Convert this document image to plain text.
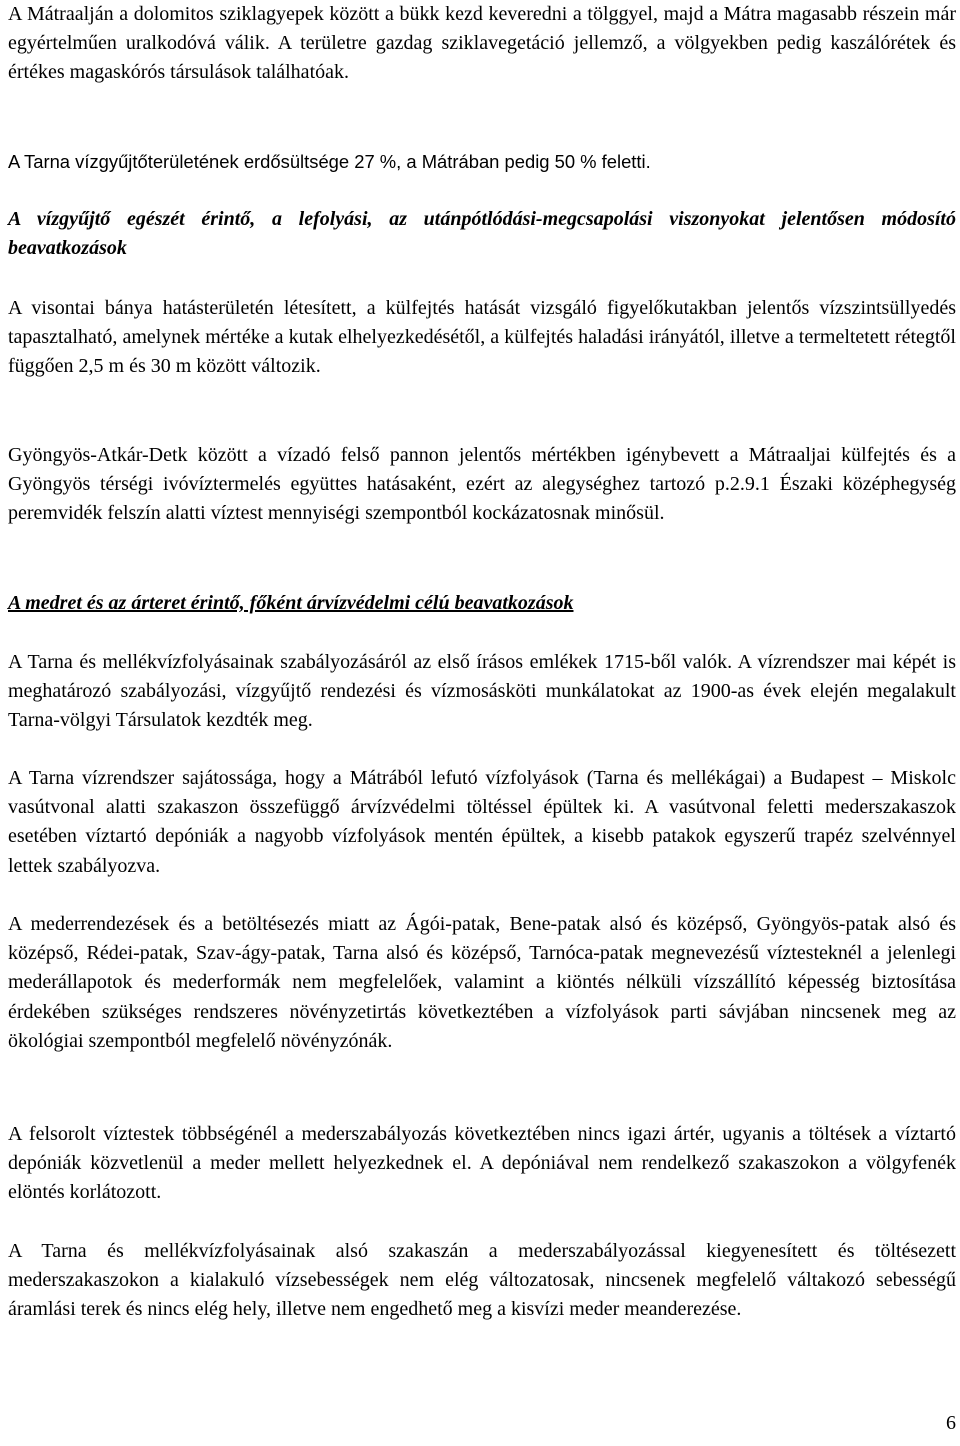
A Mátraalján a dolomitos sziklagyepek között a bükk kezd keveredni a tölggyel, majd a Mátra magasabb részein már egyértelműen uralkodóvá válik. A területre gazdag sziklavegetáció jellemző, a völgyekben pedig kaszálórétek és értékes magaskórós társulások találhatóak.

A Tarna vízgyűjtőterületének erdősültsége 27 %, a Mátrában pedig 50 % feletti.

A vízgyűjtő egészét érintő, a lefolyási, az utánpótlódási-megcsapolási viszonyokat jelentősen módosító beavatkozások

A visontai bánya hatásterületén létesített, a külfejtés hatását vizsgáló figyelőkutakban jelentős vízszintsüllyedés tapasztalható, amelynek mértéke a kutak elhelyezkedésétől, a külfejtés haladási irányától, illetve a termeltetett rétegtől függően 2,5 m és 30 m között változik.

Gyöngyös-Atkár-Detk között a vízadó felső pannon jelentős mértékben igénybevett a Mátraaljai külfejtés és a Gyöngyös térségi ivóvíztermelés együttes hatásaként, ezért az alegységhez tartozó p.2.9.1 Északi középhegység peremvidék felszín alatti víztest mennyiségi szempontból kockázatosnak minősül.

A medret és az árteret érintő, főként árvízvédelmi célú beavatkozások

A Tarna és mellékvízfolyásainak szabályozásáról az első írásos emlékek 1715-ből valók. A vízrendszer mai képét is meghatározó szabályozási, vízgyűjtő rendezési és vízmosásköti munkálatokat az 1900-as évek elején megalakult Tarna-völgyi Társulatok kezdték meg.

A Tarna vízrendszer sajátossága, hogy a Mátrából lefutó vízfolyások (Tarna és mellékágai) a Budapest – Miskolc vasútvonal alatti szakaszon összefüggő árvízvédelmi töltéssel épültek ki. A vasútvonal feletti mederszakaszok esetében víztartó depóniák a nagyobb vízfolyások mentén épültek, a kisebb patakok egyszerű trapéz szelvénnyel lettek szabályozva.

A mederrendezések és a betöltésezés miatt az Ágói-patak, Bene-patak alsó és középső, Gyöngyös-patak alsó és középső, Rédei-patak, Szav-ágy-patak, Tarna alsó és középső, Tarnóca-patak megnevezésű víztesteknél a jelenlegi mederállapotok és mederformák nem megfelelőek, valamint a kiöntés nélküli vízszállító képesség biztosítása érdekében szükséges rendszeres növényzetirtás következtében a vízfolyások parti sávjában nincsenek meg az ökológiai szempontból megfelelő növényzónák.

A felsorolt víztestek többségénél a mederszabályozás következtében nincs igazi ártér, ugyanis a töltések a víztartó depóniák közvetlenül a meder mellett helyezkednek el. A depóniával nem rendelkező szakaszokon a völgyfenék elöntés korlátozott.

A Tarna és mellékvízfolyásainak alsó szakaszán a mederszabályozással kiegyenesített és töltésezett mederszakaszokon a kialakuló vízsebességek nem elég változatosak, nincsenek megfelelő váltakozó sebességű áramlási terek és nincs elég hely, illetve nem engedhető meg a kisvízi meder meanderezése.

6
